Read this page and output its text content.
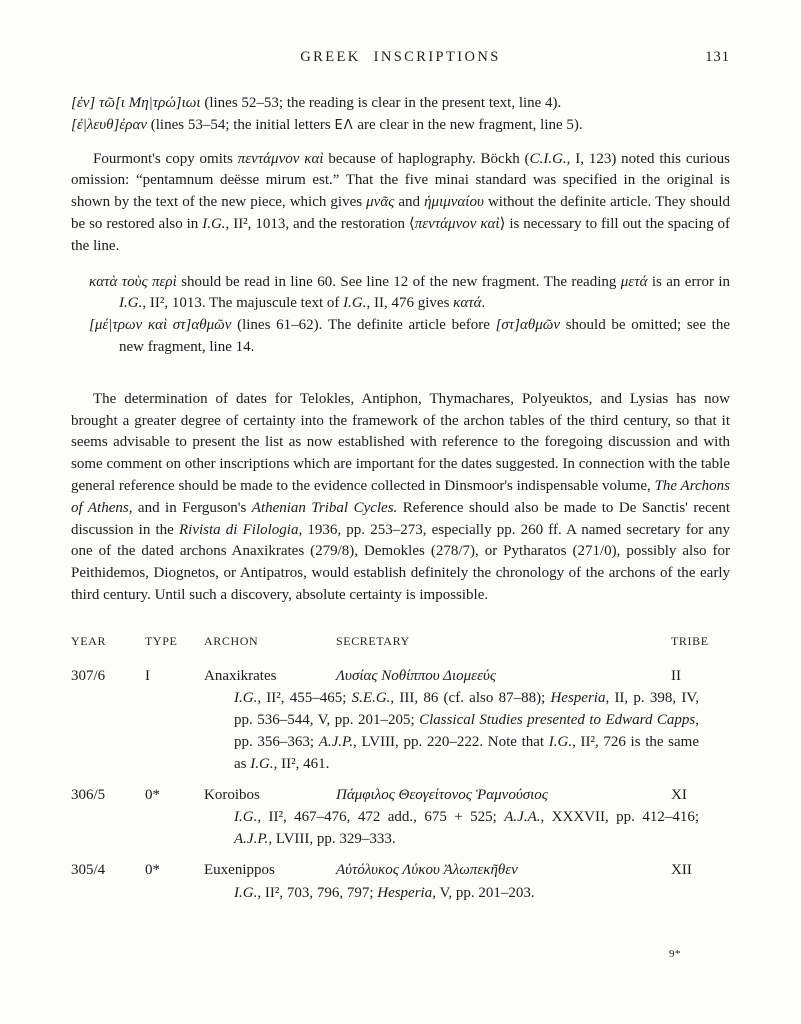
GREEK INSCRIPTIONS	131

[ἐν] τῶ[ι Μη|τρώ]ιωι (lines 52–53; the reading is clear in the present text, line 4).

[ἐ|λευθ]έραν (lines 53–54; the initial letters ΕΛ are clear in the new fragment, line 5).

Fourmont's copy omits πεντάμνον καὶ because of haplography. Böckh (C.I.G., I, 123) noted this curious omission: “pentamnum deësse mirum est.” That the five minai standard was specified in the original is shown by the text of the new piece, which gives μνᾶς and ἡμιμναίου without the definite article. They should be so restored also in I.G., II², 1013, and the restoration ⟨πεντάμνον καὶ⟩ is necessary to fill out the spacing of the line.

κατὰ τοὺς περὶ should be read in line 60. See line 12 of the new fragment. The reading μετά is an error in I.G., II², 1013. The majuscule text of I.G., II, 476 gives κατά.

[μέ|τρων καὶ στ]αθμῶν (lines 61–62). The definite article before [στ]αθμῶν should be omitted; see the new fragment, line 14.

The determination of dates for Telokles, Antiphon, Thymachares, Polyeuktos, and Lysias has now brought a greater degree of certainty into the framework of the archon tables of the third century, so that it seems advisable to present the list as now established with reference to the foregoing discussion and with some comment on other inscriptions which are important for the dates suggested. In connection with the table general reference should be made to the evidence collected in Dinsmoor's indispensable volume, The Archons of Athens, and in Ferguson's Athenian Tribal Cycles. Reference should also be made to De Sanctis' recent discussion in the Rivista di Filologia, 1936, pp. 253–273, especially pp. 260 ff. A named secretary for any one of the dated archons Anaxikrates (279/8), Demokles (278/7), or Pytharatos (271/0), possibly also for Peithidemos, Diognetos, or Antipatros, would establish definitely the chronology of the archons of the early third century. Until such a discovery, absolute certainty is impossible.

YEAR	TYPE	ARCHON	SECRETARY	TRIBE
307/6	I	Anaxikrates	Λυσίας Νοθίππου Διομεεύς	II

I.G., II², 455–465; S.E.G., III, 86 (cf. also 87–88); Hesperia, II, p. 398, IV, pp. 536–544, V, pp. 201–205; Classical Studies presented to Edward Capps, pp. 356–363; A.J.P., LVIII, pp. 220–222. Note that I.G., II², 726 is the same as I.G., II², 461.

306/5	0*	Koroibos	Πάμφιλος Θεογείτονος Ῥαμνούσιος	XI

I.G., II², 467–476, 472 add., 675 + 525; A.J.A., XXXVII, pp. 412–416; A.J.P., LVIII, pp. 329–333.

305/4	0*	Euxenippos	Αὐτόλυκος Λύκου Ἀλωπεκῆθεν	XII

I.G., II², 703, 796, 797; Hesperia, V, pp. 201–203.

9*
